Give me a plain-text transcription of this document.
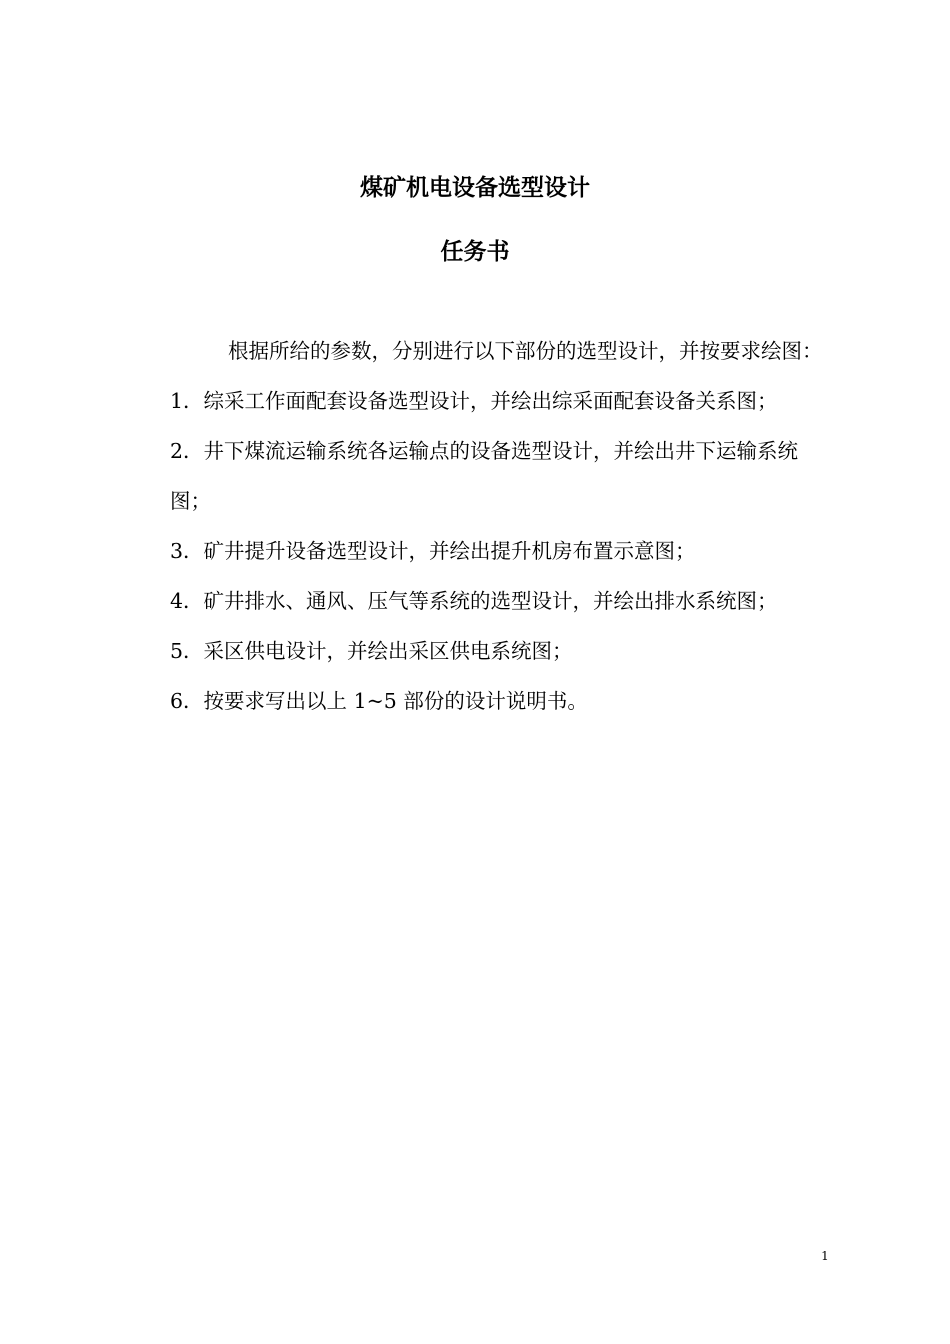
煤矿机电设备选型设计
任务书

根据所给的参数，分别进行以下部份的选型设计，并按要求绘图：

1．综采工作面配套设备选型设计，并绘出综采面配套设备关系图；

2．井下煤流运输系统各运输点的设备选型设计，并绘出井下运输系统图；

3．矿井提升设备选型设计，并绘出提升机房布置示意图；

4．矿井排水、通风、压气等系统的选型设计，并绘出排水系统图；

5．采区供电设计，并绘出采区供电系统图；

6．按要求写出以上 1~5 部份的设计说明书。

1
